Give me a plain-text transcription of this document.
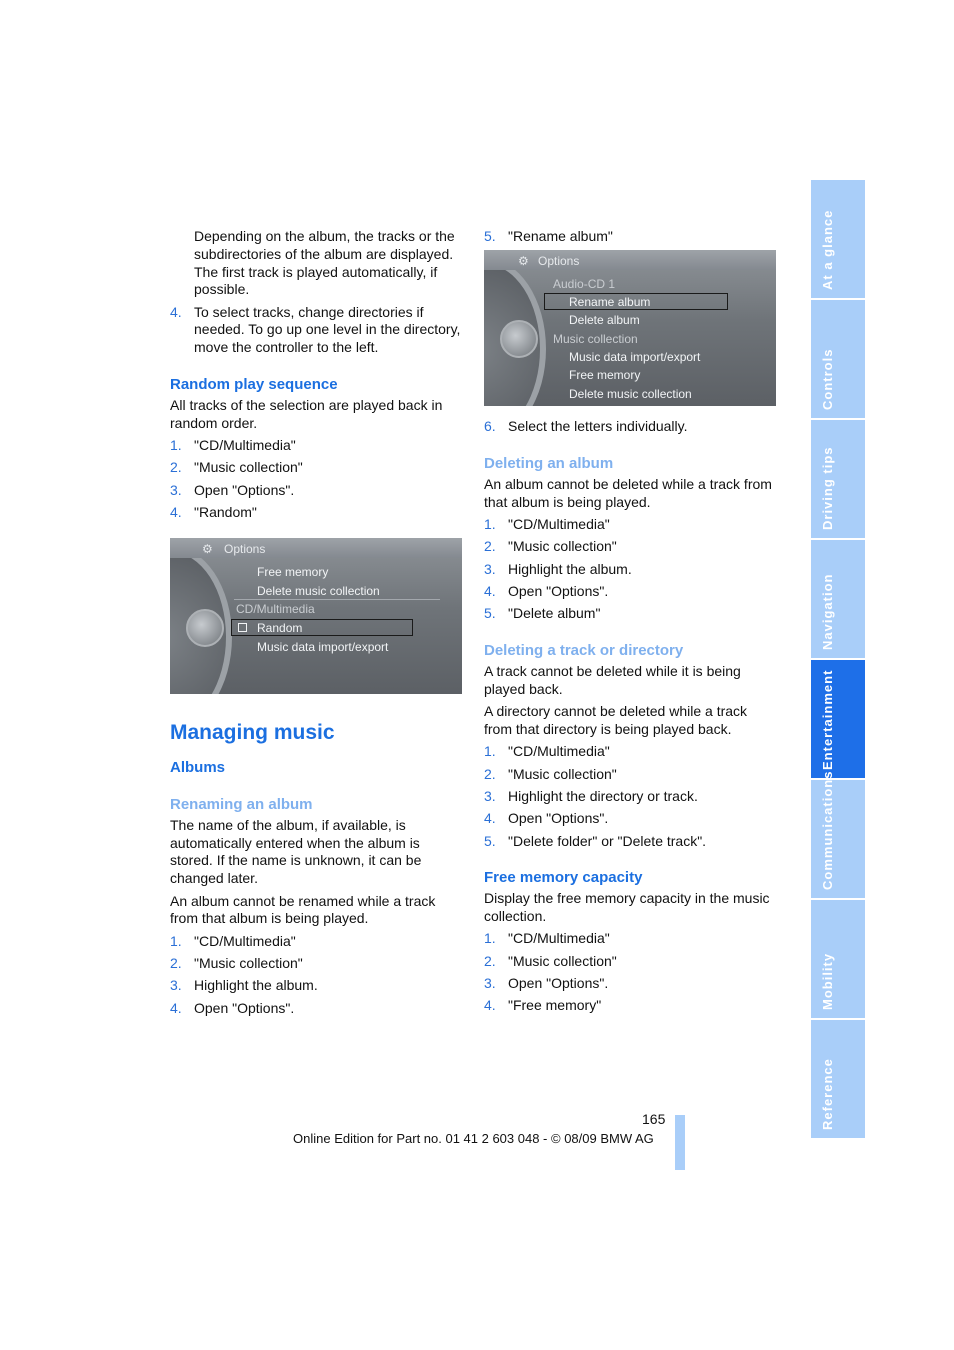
Depending on the album, the tracks or the subdirectories of the album are displayed. The first track is played automatically, if possible.

4. To select tracks, change directories if needed. To go up one level in the directory, move the controller to the left.
Random play sequence

All tracks of the selection are played back in random order.

1. "CD/Multimedia"
2. "Music collection"
3. Open "Options".
4. "Random"
⚙ Options
Free memory
Delete music collection
CD/Multimedia
Random
Music data import/export
Managing music
Albums
Renaming an album

The name of the album, if available, is automatically entered when the album is stored. If the name is unknown, it can be changed later.

An album cannot be renamed while a track from that album is being played.

1. "CD/Multimedia"
2. "Music collection"
3. Highlight the album.
4. Open "Options".
5. "Rename album"
⚙ Options
Audio-CD 1
Rename album
Delete album
Music collection
Music data import/export
Free memory
Delete music collection
6. Select the letters individually.
Deleting an album

An album cannot be deleted while a track from that album is being played.

1. "CD/Multimedia"
2. "Music collection"
3. Highlight the album.
4. Open "Options".
5. "Delete album"
Deleting a track or directory

A track cannot be deleted while it is being played back.

A directory cannot be deleted while a track from that directory is being played back.

1. "CD/Multimedia"
2. "Music collection"
3. Highlight the directory or track.
4. Open "Options".
5. "Delete folder" or "Delete track".
Free memory capacity

Display the free memory capacity in the music collection.

1. "CD/Multimedia"
2. "Music collection"
3. Open "Options".
4. "Free memory"
At a glance
Controls
Driving tips
Navigation
Entertainment
Communications
Mobility
Reference
165
Online Edition for Part no. 01 41 2 603 048 - © 08/09 BMW AG
